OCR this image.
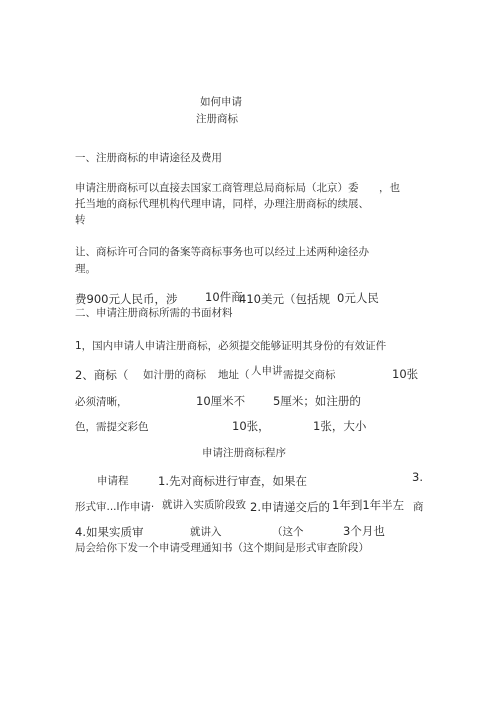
如何申请
注册商标
一、注册商标的申请途径及费用
申请注册商标可以直接去国家工商管理总局商标局（北京）委 ，也
托当地的商标代理机构代理申请，同样，办理注册商标的续展、
转
让、商标许可合同的备案等商标事务也可以经过上述两种途径办
理。
费900元人民币，涉 10件商
410美元（包括规 0元人民
二、申请注册商标所需的书面材料
1，国内申请人申请注册商标，必须提交能够证明其身份的有效证件
2、商标（ 如汁册的商标 地址（ 人申讲 需提交商标	10张
必须清晰，	10厘米不 5厘米；如注册的
色，需提交彩色	10张，	1张，大小
申请注册商标程序
申请程	1.先对商标进行审查，如果在	3.
形式审...l作申请· 就讲入实质阶段致 2.申请递交后的 1年到1年半左 商
4.如果实质审	就讲入	（这个	3个月也
局会给你下发一个申请受理通知书（这个期间是形式审查阶段）
